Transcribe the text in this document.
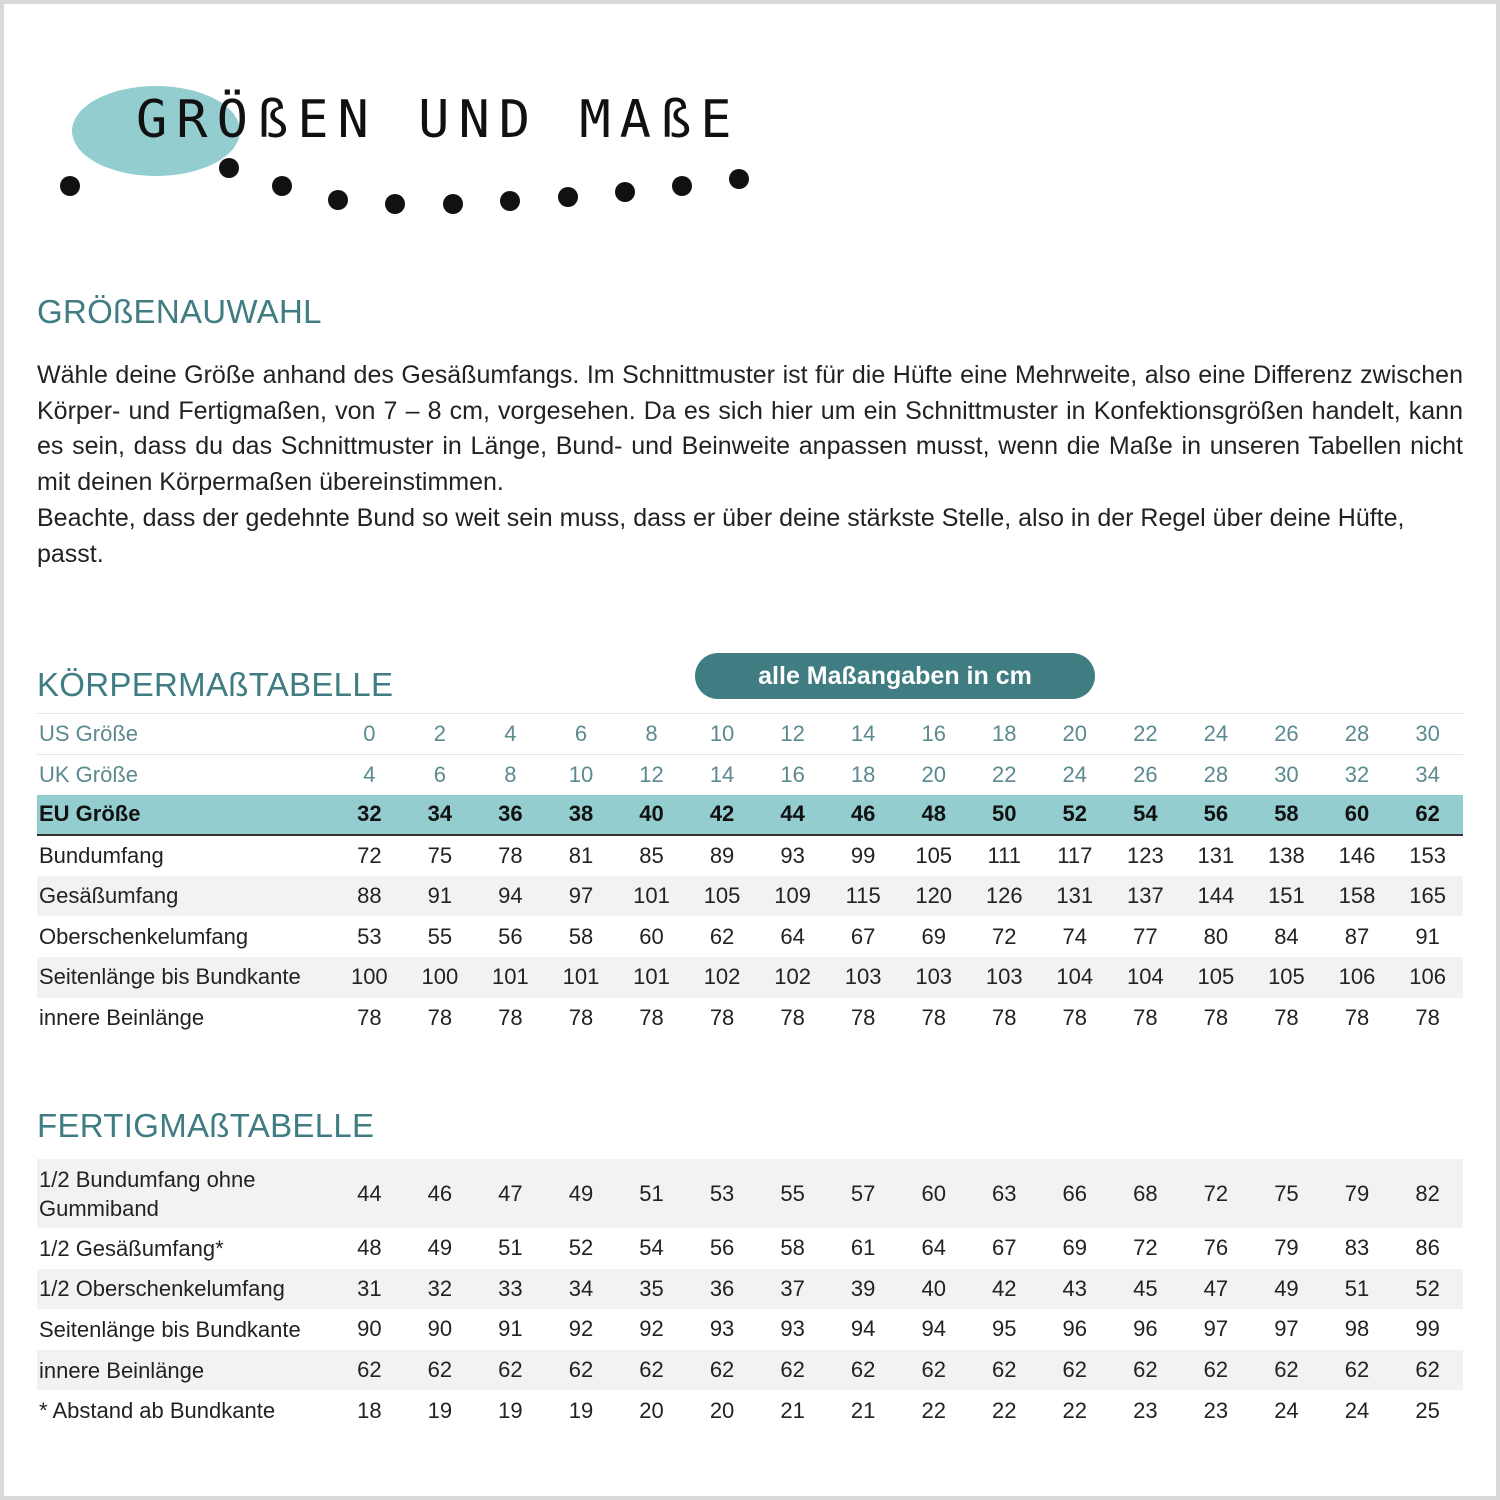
GRÖßEN UND MAßE
GRÖßENAUWAHL

Wähle deine Größe anhand des Gesäßumfangs. Im Schnittmuster ist für die Hüfte eine Mehrweite, also eine Differenz zwischen Körper- und Fertigmaßen, von 7 – 8 cm, vorgesehen. Da es sich hier um ein Schnittmuster in Konfektionsgrößen handelt, kann es sein, dass du das Schnittmuster in Länge, Bund- und Beinweite anpassen musst, wenn die Maße in unseren Tabellen nicht mit deinen Körpermaßen übereinstimmen.

Beachte, dass der gedehnte Bund so weit sein muss, dass er über deine stärkste Stelle, also in der Regel über deine Hüfte, passt.

KÖRPERMAßTABELLE	alle Maßangaben in cm
US Größe	0	2	4	6	8	10	12	14	16	18	20	22	24	26	28	30
UK Größe	4	6	8	10	12	14	16	18	20	22	24	26	28	30	32	34
EU Größe	32	34	36	38	40	42	44	46	48	50	52	54	56	58	60	62
Bundumfang	72	75	78	81	85	89	93	99	105	111	117	123	131	138	146	153
Gesäßumfang	88	91	94	97	101	105	109	115	120	126	131	137	144	151	158	165
Oberschenkelumfang	53	55	56	58	60	62	64	67	69	72	74	77	80	84	87	91
Seitenlänge bis Bundkante	100	100	101	101	101	102	102	103	103	103	104	104	105	105	106	106
innere Beinlänge	78	78	78	78	78	78	78	78	78	78	78	78	78	78	78	78
FERTIGMAßTABELLE
1/2 Bundumfang ohne Gummiband	44	46	47	49	51	53	55	57	60	63	66	68	72	75	79	82
1/2 Gesäßumfang*	48	49	51	52	54	56	58	61	64	67	69	72	76	79	83	86
1/2 Oberschenkelumfang	31	32	33	34	35	36	37	39	40	42	43	45	47	49	51	52
Seitenlänge bis Bundkante	90	90	91	92	92	93	93	94	94	95	96	96	97	97	98	99
innere Beinlänge	62	62	62	62	62	62	62	62	62	62	62	62	62	62	62	62
* Abstand ab Bundkante	18	19	19	19	20	20	21	21	22	22	22	23	23	24	24	25
